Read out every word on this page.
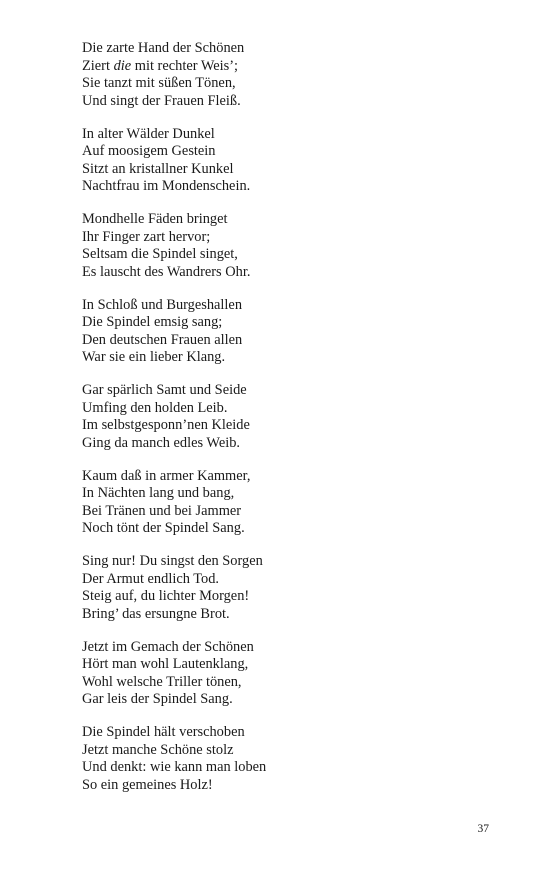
Die zarte Hand der Schönen
Ziert die mit rechter Weis’;
Sie tanzt mit süßen Tönen,
Und singt der Frauen Fleiß.
In alter Wälder Dunkel
Auf moosigem Gestein
Sitzt an kristallner Kunkel
Nachtfrau im Mondenschein.
Mondhelle Fäden bringet
Ihr Finger zart hervor;
Seltsam die Spindel singet,
Es lauscht des Wandrers Ohr.
In Schloß und Burgeshallen
Die Spindel emsig sang;
Den deutschen Frauen allen
War sie ein lieber Klang.
Gar spärlich Samt und Seide
Umfing den holden Leib.
Im selbstgesponn’nen Kleide
Ging da manch edles Weib.
Kaum daß in armer Kammer,
In Nächten lang und bang,
Bei Tränen und bei Jammer
Noch tönt der Spindel Sang.
Sing nur! Du singst den Sorgen
Der Armut endlich Tod.
Steig auf, du lichter Morgen!
Bring’ das ersungne Brot.
Jetzt im Gemach der Schönen
Hört man wohl Lautenklang,
Wohl welsche Triller tönen,
Gar leis der Spindel Sang.
Die Spindel hält verschoben
Jetzt manche Schöne stolz
Und denkt: wie kann man loben
So ein gemeines Holz!
37
